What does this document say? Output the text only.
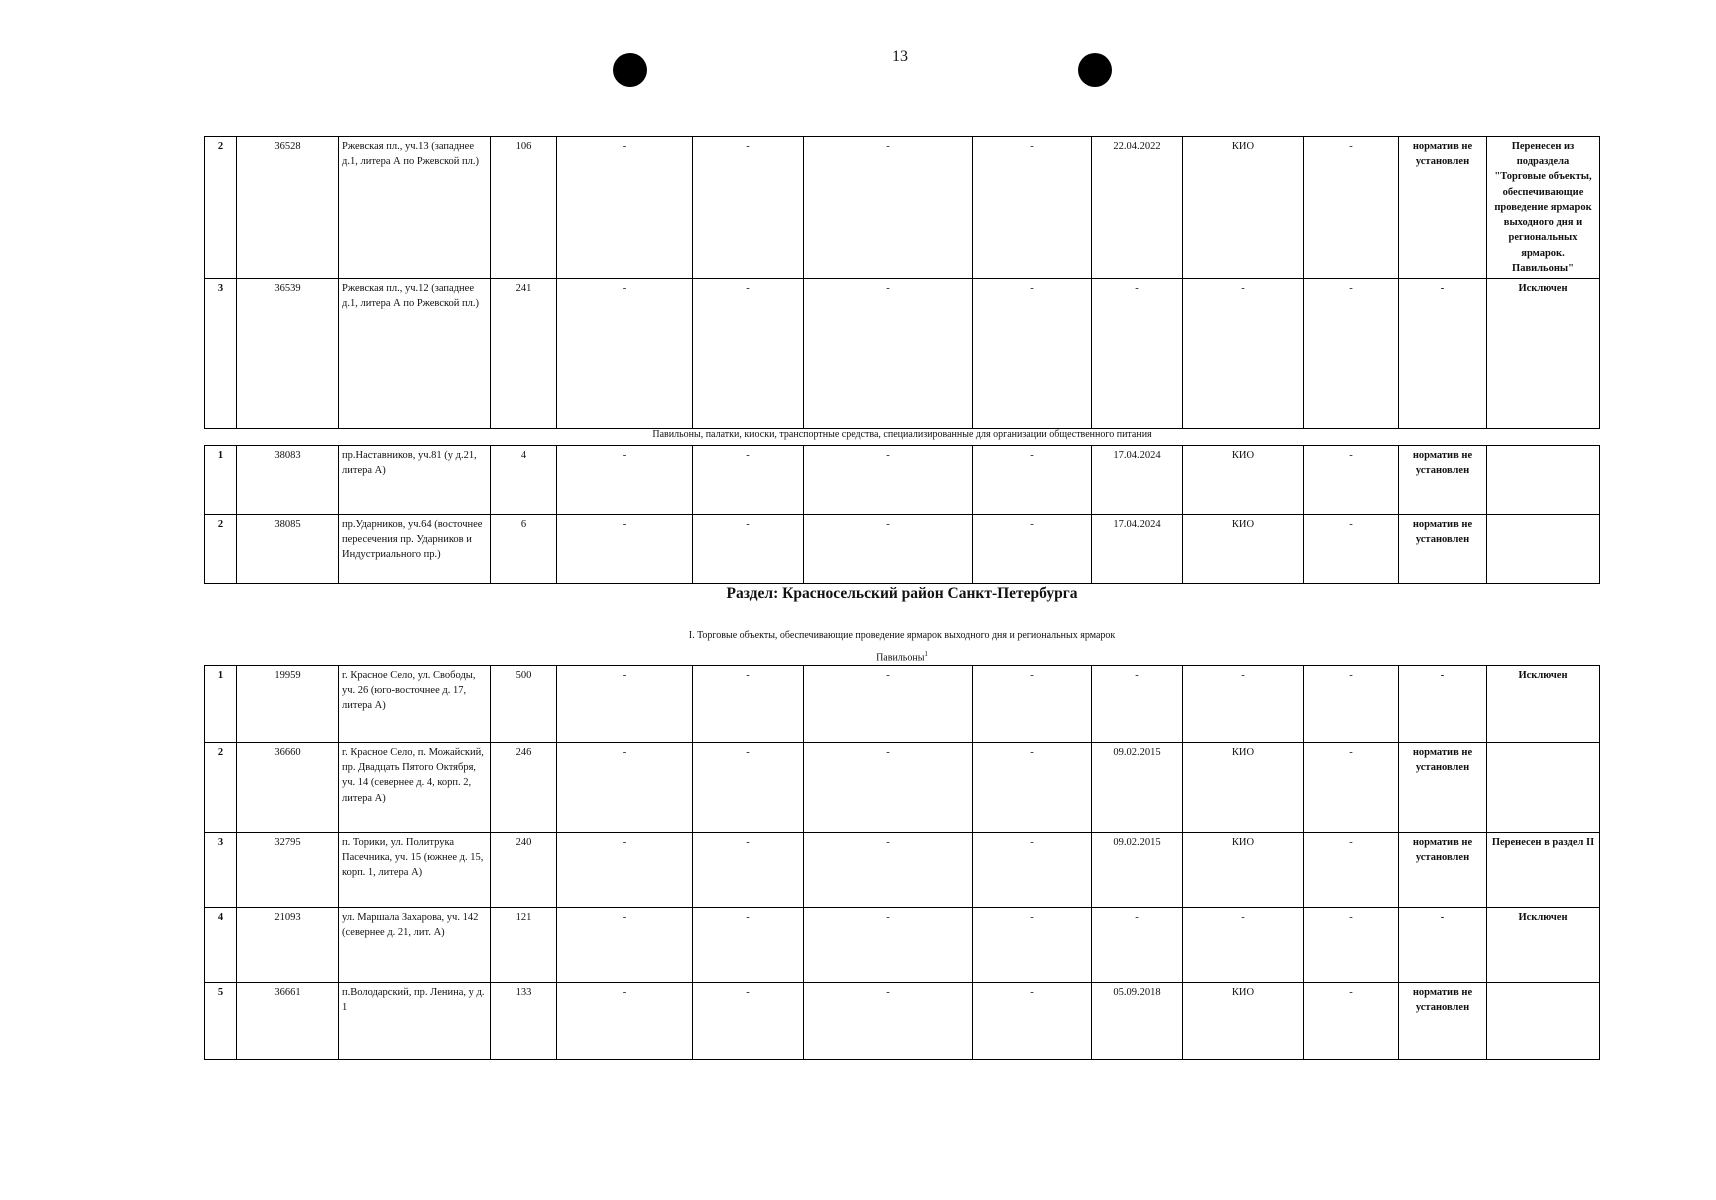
13
2	36528	Ржевская пл., уч.13 (западнее д.1, литера А по Ржевской пл.)	106	-	-	-	-	22.04.2022	КИО	-	норматив не установлен	Перенесен из подраздела "Торговые объекты, обеспечивающие проведение ярмарок выходного дня и региональных ярмарок. Павильоны"
3	36539	Ржевская пл., уч.12 (западнее д.1, литера А по Ржевской пл.)	241	-	-	-	-	-	-	-	-	Исключен
Павильоны, палатки, киоски, транспортные средства, специализированные для организации общественного питания
1	38083	пр.Наставников, уч.81 (у д.21, литера А)	4	-	-	-	-	17.04.2024	КИО	-	норматив не установлен	
2	38085	пр.Ударников, уч.64 (восточнее пересечения пр. Ударников и Индустриального пр.)	6	-	-	-	-	17.04.2024	КИО	-	норматив не установлен	
Раздел: Красносельский район Санкт-Петербурга
I. Торговые объекты, обеспечивающие проведение ярмарок выходного дня и региональных ярмарок
Павильоны$^1$
1	19959	г. Красное Село, ул. Свободы, уч. 26 (юго-восточнее д. 17, литера А)	500	-	-	-	-	-	-	-	-	Исключен
2	36660	г. Красное Село, п. Можайский, пр. Двадцать Пятого Октября, уч. 14 (севернее д. 4, корп. 2, литера А)	246	-	-	-	-	09.02.2015	КИО	-	норматив не установлен	
3	32795	п. Торики, ул. Политрука Пасечника, уч. 15 (южнее д. 15, корп. 1, литера А)	240	-	-	-	-	09.02.2015	КИО	-	норматив не установлен	Перенесен в раздел II
4	21093	ул. Маршала Захарова, уч. 142 (севернее д. 21, лит. А)	121	-	-	-	-	-	-	-	-	Исключен
5	36661	п.Володарский, пр. Ленина, у д. 1	133	-	-	-	-	05.09.2018	КИО	-	норматив не установлен	
